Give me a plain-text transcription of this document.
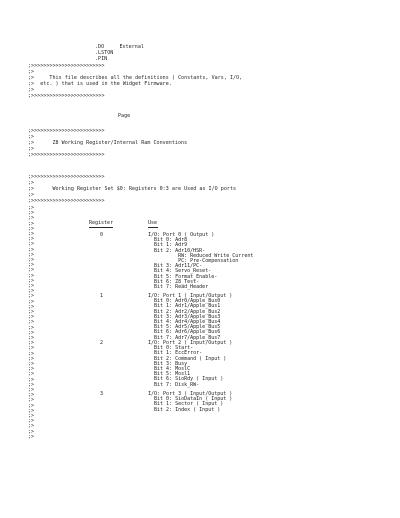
.DO     External
.LSTON
.PIN
;>>>>>>>>>>>>>>>>>>>>>>>>
;>
;>     This file describes all the definitions ( Constants, Vars, I/O,
;>  etc. ) that is used in the Widget Firmware.
;>
;>>>>>>>>>>>>>>>>>>>>>>>>
Page
;>>>>>>>>>>>>>>>>>>>>>>>>
;>
;>      Z8 Working Register/Internal Ram Conventions
;>
;>>>>>>>>>>>>>>>>>>>>>>>>
;>>>>>>>>>>>>>>>>>>>>>>>>
;>
;>      Working Register Set $0: Registers 0:3 are Used as I/O ports
;>
;>>>>>>>>>>>>>>>>>>>>>>>>
;>
;>
;>
;>
;>
;>
;>
;>
;>
;>
;>
;>
;>
;>
;>
;>
;>
;>
;>
;>
;>
;>
;>
;>
;>
;>
;>
;>
;>
;>
;>
;>
;>
;>
;>
;>
;>
;>
;>
;>
;>
;>
;>
;>
;>
Register	Use
0	I/O: Port 0 ( Output )
Bit 0: Adr8
Bit 1: Adr9
Bit 2: Adr10/HSR-
RW: Reduced Write Current
PC: Pre-Compensation
Bit 3: Adr11/PC-
Bit 4: Servo_Reset-
Bit 5: Format_Enable-
Bit 6: Z8_Test-
Bit 7: Read_Header
1	I/O: Port 1 ( Input/Output )
Bit 0: Adr0/Apple_Bus0
Bit 1: Adr1/Apple_Bus1
Bit 2: Adr2/Apple_Bus2
Bit 3: Adr3/Apple_Bus3
Bit 4: Adr4/Apple_Bus4
Bit 5: Adr5/Apple_Bus5
Bit 6: Adr6/Apple_Bus6
Bit 7: Adr7/Apple_Bus7
2	I/O: Port 2 ( Input/Output )
Bit 0: Start-
Bit 1: EccError-
Bit 2: Command ( Input )
Bit 3: Busy
Bit 4: MoslC
Bit 5: Mosl1
Bit 6: SioRdy ( Input )
Bit 7: Disk_RW-
3	I/O: Port 3 ( Input/Output )
Bit 0: SioDataIn ( Input )
Bit 1: Sector ( Input )
Bit 2: Index ( Input )
